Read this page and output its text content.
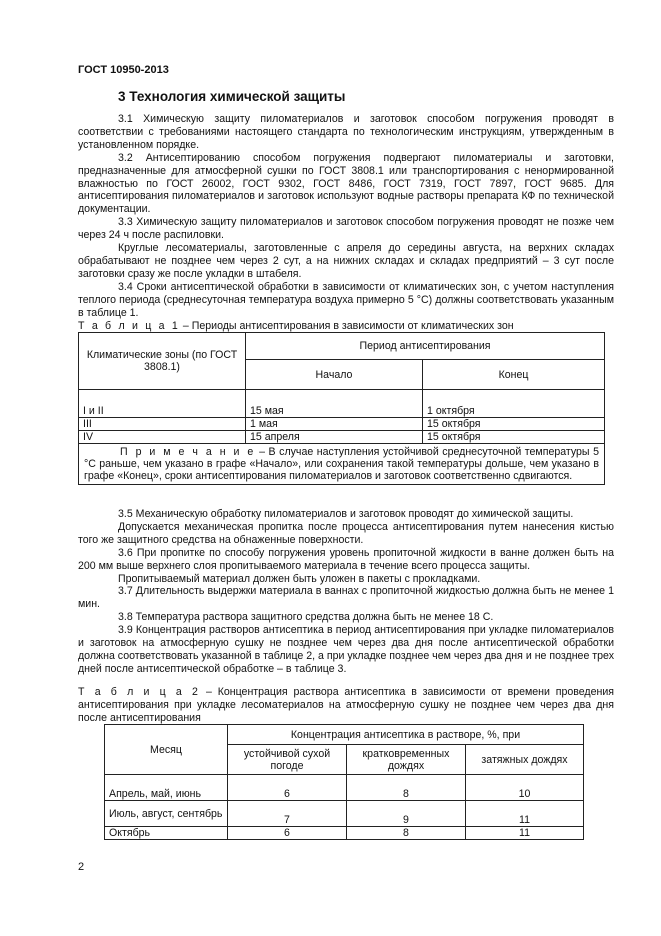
ГОСТ 10950-2013
3 Технология химической защиты

3.1 Химическую защиту пиломатериалов и заготовок способом погружения проводят в соответствии с требованиями настоящего стандарта по технологическим инструкциям, утвержденным в установленном порядке.

3.2 Антисептированию способом погружения подвергают пиломатериалы и заготовки, предназначенные для атмосферной сушки по ГОСТ 3808.1 или транспортирования с ненормированной влажностью по ГОСТ 26002, ГОСТ 9302, ГОСТ 8486, ГОСТ 7319, ГОСТ 7897, ГОСТ 9685. Для антисептирования пиломатериалов и заготовок используют водные растворы препарата КФ по технической документации.

3.3 Химическую защиту пиломатериалов и заготовок способом погружения проводят не позже чем через 24 ч после распиловки.

Круглые лесоматериалы, заготовленные с апреля до середины августа, на верхних складах обрабатывают не позднее чем через 2 сут, а на нижних складах и складах предприятий – 3 сут после заготовки сразу же после укладки в штабеля.

3.4 Сроки антисептической обработки в зависимости от климатических зон, с учетом наступления теплого периода (среднесуточная температура воздуха примерно 5 °С) должны соответствовать указанным в таблице 1.

Т а б л и ц а 1 – Периоды антисептирования в зависимости от климатических зон
Климатические зоны (по ГОСТ 3808.1)	Период антисептирования	
	Начало	Конец
I и II	15 мая	1 октября
III	1 мая	15 октября
IV	15 апреля	15 октября
П р и м е ч а н и е – В случае наступления устойчивой среднесуточной температуры 5 °С раньше, чем указано в графе «Начало», или сохранения такой температуры дольше, чем указано в графе «Конец», сроки антисептирования пиломатериалов и заготовок соответственно сдвигаются.		

3.5 Механическую обработку пиломатериалов и заготовок проводят до химической защиты.

Допускается механическая пропитка после процесса антисептирования путем нанесения кистью того же защитного средства на обнаженные поверхности.

3.6 При пропитке по способу погружения уровень пропиточной жидкости в ванне должен быть на 200 мм выше верхнего слоя пропитываемого материала в течение всего процесса защиты.

Пропитываемый материал должен быть уложен в пакеты с прокладками.

3.7 Длительность выдержки материала в ваннах с пропиточной жидкостью должна быть не менее 1 мин.

3.8 Температура раствора защитного средства должна быть не менее 18 С.

3.9 Концентрация растворов антисептика в период антисептирования при укладке пиломатериалов и заготовок на атмосферную сушку не позднее чем через два дня после антисептической обработки должна соответствовать указанной в таблице 2, а при укладке позднее чем через два дня и не позднее трех дней после антисептической обработке – в таблице 3.

Т а б л и ц а 2 – Концентрация раствора антисептика в зависимости от времени проведения антисептирования при укладке лесоматериалов на атмосферную сушку не позднее чем через два дня после антисептирования
Месяц	Концентрация антисептика в растворе, %, при		
	устойчивой сухой погоде	кратковременных дождях	затяжных дождях
Апрель, май, июнь	6	8	10
Июль, август, сентябрь	7	9	11
Октябрь	6	8	11
2
